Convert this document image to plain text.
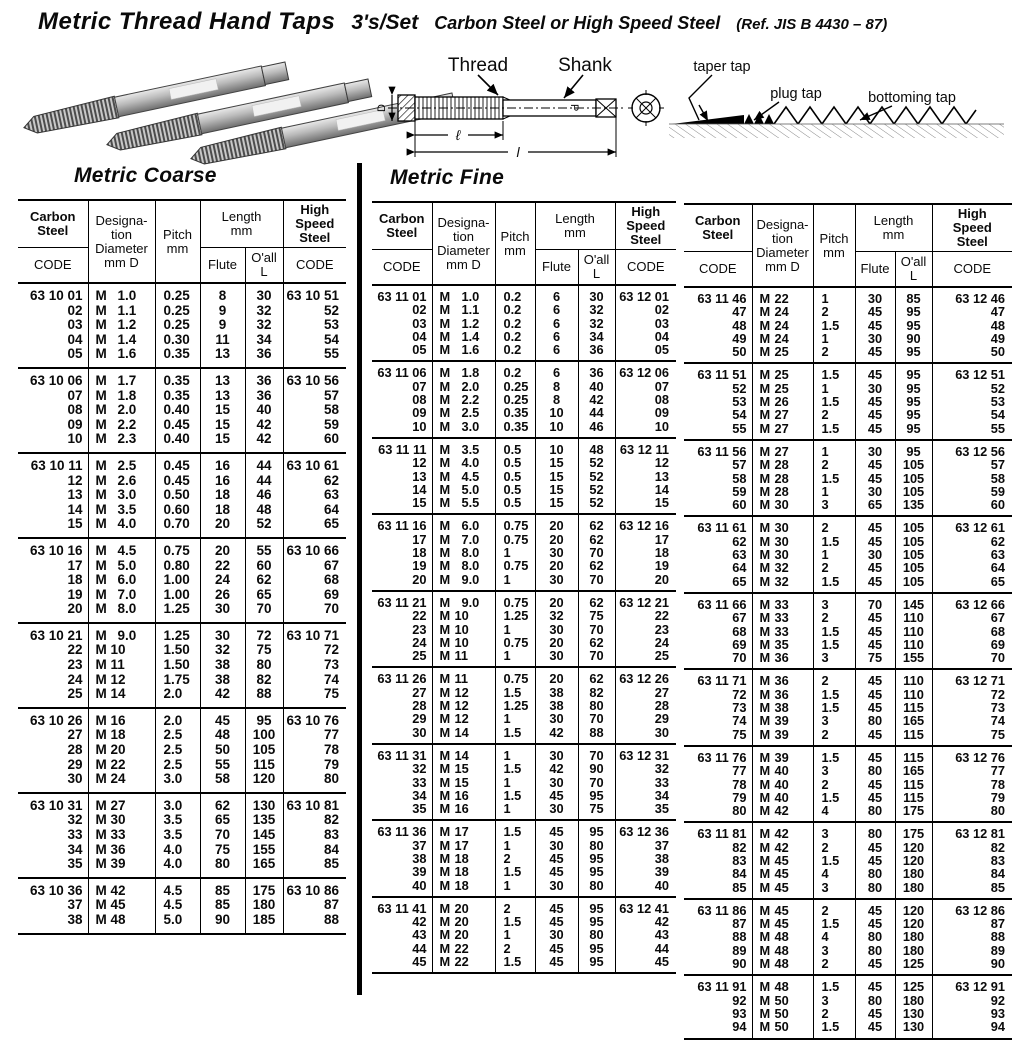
Metric Thread Hand Taps 3's/Set Carbon Steel or High Speed Steel (Ref. JIS B 4430 – 87)
Thread	Shank
D	P
ℓ
l
taper tap
plug tap	bottoming tap
Metric Coarse
Carbon
Steel	Designa-
tion
Diameter
mm D	Pitch
mm	Length
mm		High
Speed
Steel
CODE			Flute	O'all
L	CODE
63 10 01	M 1.0	0.25	8	30	63 10 51
02	M 1.1	0.25	9	32	52
03	M 1.2	0.25	9	32	53
04	M 1.4	0.30	11	34	54
05	M 1.6	0.35	13	36	55
63 10 06	M 1.7	0.35	13	36	63 10 56
07	M 1.8	0.35	13	36	57
08	M 2.0	0.40	15	40	58
09	M 2.2	0.45	15	42	59
10	M 2.3	0.40	15	42	60
63 10 11	M 2.5	0.45	16	44	63 10 61
12	M 2.6	0.45	16	44	62
13	M 3.0	0.50	18	46	63
14	M 3.5	0.60	18	48	64
15	M 4.0	0.70	20	52	65
63 10 16	M 4.5	0.75	20	55	63 10 66
17	M 5.0	0.80	22	60	67
18	M 6.0	1.00	24	62	68
19	M 7.0	1.00	26	65	69
20	M 8.0	1.25	30	70	70
63 10 21	M 9.0	1.25	30	72	63 10 71
22	M 10	1.50	32	75	72
23	M 11	1.50	38	80	73
24	M 12	1.75	38	82	74
25	M 14	2.0	42	88	75
63 10 26	M 16	2.0	45	95	63 10 76
27	M 18	2.5	48	100	77
28	M 20	2.5	50	105	78
29	M 22	2.5	55	115	79
30	M 24	3.0	58	120	80
63 10 31	M 27	3.0	62	130	63 10 81
32	M 30	3.5	65	135	82
33	M 33	3.5	70	145	83
34	M 36	4.0	75	155	84
35	M 39	4.0	80	165	85
63 10 36	M 42	4.5	85	175	63 10 86
37	M 45	4.5	85	180	87
38	M 48	5.0	90	185	88
Metric Fine
Carbon
Steel	Designa-
tion
Diameter
mm D	Pitch
mm	Length
mm		High
Speed
Steel
CODE			Flute	O'all
L	CODE
63 11 01	M 1.0	0.2	6	30	63 12 01
02	M 1.1	0.2	6	32	02
03	M 1.2	0.2	6	32	03
04	M 1.4	0.2	6	34	04
05	M 1.6	0.2	6	36	05
63 11 06	M 1.8	0.2	6	36	63 12 06
07	M 2.0	0.25	8	40	07
08	M 2.2	0.25	8	42	08
09	M 2.5	0.35	10	44	09
10	M 3.0	0.35	10	46	10
63 11 11	M 3.5	0.5	10	48	63 12 11
12	M 4.0	0.5	15	52	12
13	M 4.5	0.5	15	52	13
14	M 5.0	0.5	15	52	14
15	M 5.5	0.5	15	52	15
63 11 16	M 6.0	0.75	20	62	63 12 16
17	M 7.0	0.75	20	62	17
18	M 8.0	1	30	70	18
19	M 8.0	0.75	20	62	19
20	M 9.0	1	30	70	20
63 11 21	M 9.0	0.75	20	62	63 12 21
22	M 10	1.25	32	75	22
23	M 10	1	30	70	23
24	M 10	0.75	20	62	24
25	M 11	1	30	70	25
63 11 26	M 11	0.75	20	62	63 12 26
27	M 12	1.5	38	82	27
28	M 12	1.25	38	80	28
29	M 12	1	30	70	29
30	M 14	1.5	42	88	30
63 11 31	M 14	1	30	70	63 12 31
32	M 15	1.5	42	90	32
33	M 15	1	30	70	33
34	M 16	1.5	45	95	34
35	M 16	1	30	75	35
63 11 36	M 17	1.5	45	95	63 12 36
37	M 17	1	30	80	37
38	M 18	2	45	95	38
39	M 18	1.5	45	95	39
40	M 18	1	30	80	40
63 11 41	M 20	2	45	95	63 12 41
42	M 20	1.5	45	95	42
43	M 20	1	30	80	43
44	M 22	2	45	95	44
45	M 22	1.5	45	95	45
Carbon
Steel	Designa-
tion
Diameter
mm D	Pitch
mm	Length
mm		High
Speed
Steel
CODE			Flute	O'all
L	CODE
63 11 46	M 22	1	30	85	63 12 46
47	M 24	2	45	95	47
48	M 24	1.5	45	95	48
49	M 24	1	30	90	49
50	M 25	2	45	95	50
63 11 51	M 25	1.5	45	95	63 12 51
52	M 25	1	30	95	52
53	M 26	1.5	45	95	53
54	M 27	2	45	95	54
55	M 27	1.5	45	95	55
63 11 56	M 27	1	30	95	63 12 56
57	M 28	2	45	105	57
58	M 28	1.5	45	105	58
59	M 28	1	30	105	59
60	M 30	3	65	135	60
63 11 61	M 30	2	45	105	63 12 61
62	M 30	1.5	45	105	62
63	M 30	1	30	105	63
64	M 32	2	45	105	64
65	M 32	1.5	45	105	65
63 11 66	M 33	3	70	145	63 12 66
67	M 33	2	45	110	67
68	M 33	1.5	45	110	68
69	M 35	1.5	45	110	69
70	M 36	3	75	155	70
63 11 71	M 36	2	45	110	63 12 71
72	M 36	1.5	45	110	72
73	M 38	1.5	45	115	73
74	M 39	3	80	165	74
75	M 39	2	45	115	75
63 11 76	M 39	1.5	45	115	63 12 76
77	M 40	3	80	165	77
78	M 40	2	45	115	78
79	M 40	1.5	45	115	79
80	M 42	4	80	175	80
63 11 81	M 42	3	80	175	63 12 81
82	M 42	2	45	120	82
83	M 45	1.5	45	120	83
84	M 45	4	80	180	84
85	M 45	3	80	180	85
63 11 86	M 45	2	45	120	63 12 86
87	M 45	1.5	45	120	87
88	M 48	4	80	180	88
89	M 48	3	80	180	89
90	M 48	2	45	125	90
63 11 91	M 48	1.5	45	125	63 12 91
92	M 50	3	80	180	92
93	M 50	2	45	130	93
94	M 50	1.5	45	130	94
